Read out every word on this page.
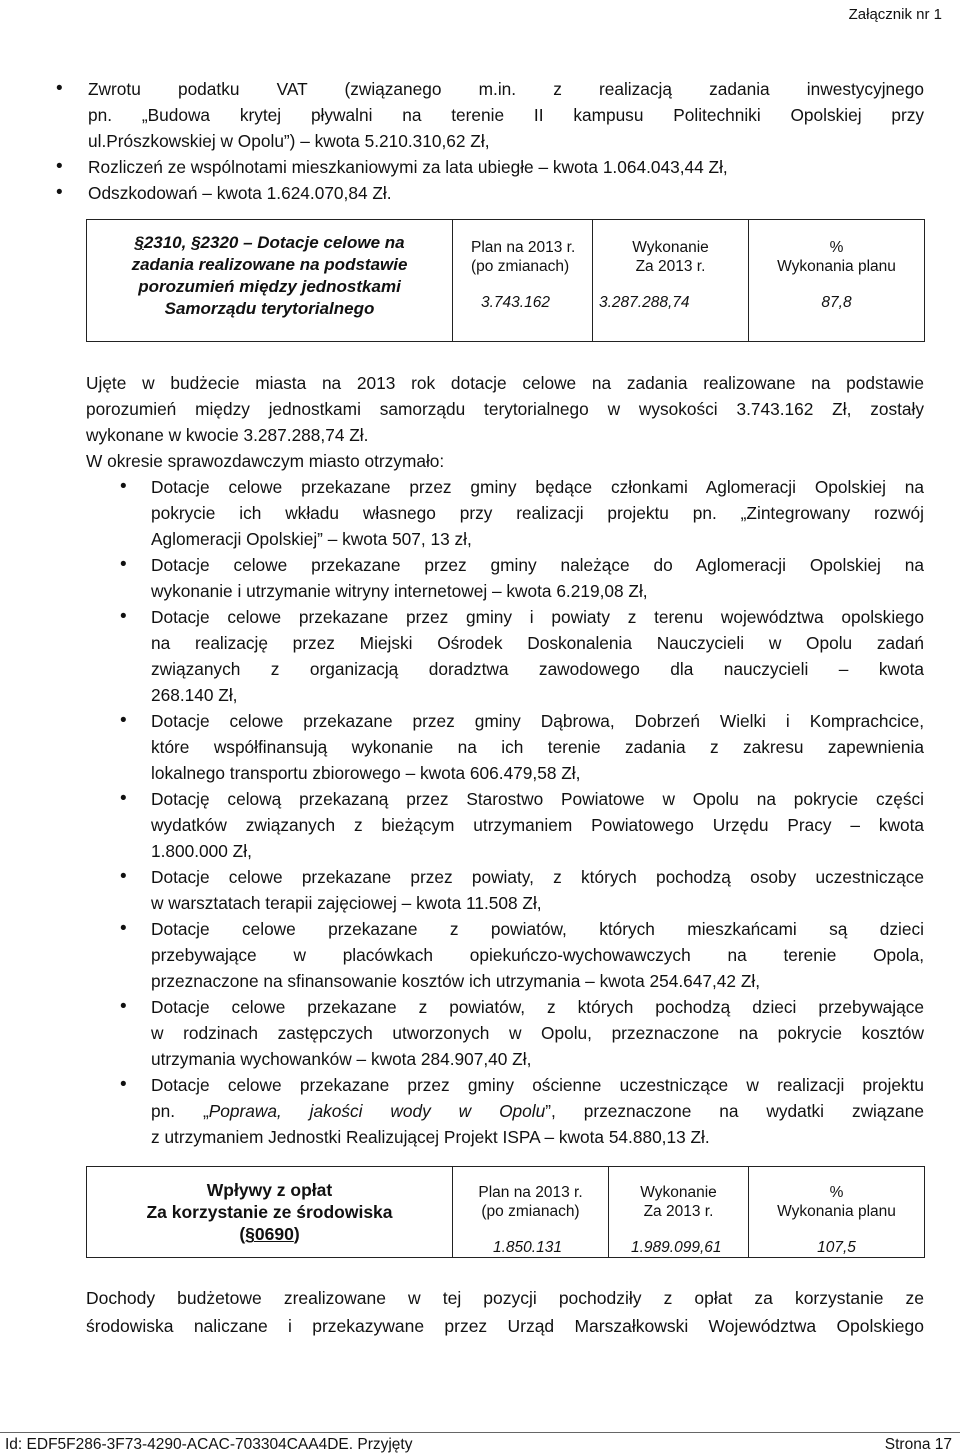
Załącznik nr 1
• Zwrotu podatku VAT (związanego m.in. z realizacją zadania inwestycyjnego
pn. „Budowa krytej pływalni na terenie II kampusu Politechniki Opolskiej przy
ul.Prószkowskiej w Opolu”) – kwota 5.210.310,62 Zł,
• Rozliczeń ze wspólnotami mieszkaniowymi za lata ubiegłe – kwota 1.064.043,44 Zł,
• Odszkodowań – kwota 1.624.070,84 Zł.
§2310, §2320 – Dotacje celowe na
zadania realizowane na podstawie
porozumień między jednostkami
Samorządu terytorialnego

Plan na 2013 r.
(po zmianach)
3.743.162

Wykonanie
Za 2013 r.
3.287.288,74

%
Wykonania planu
87,8
Ujęte w budżecie miasta na 2013 rok dotacje celowe na zadania realizowane na podstawie
porozumień między jednostkami samorządu terytorialnego w wysokości 3.743.162 Zł, zostały
wykonane w kwocie 3.287.288,74 Zł.
W okresie sprawozdawczym miasto otrzymało:
• Dotacje celowe przekazane przez gminy będące członkami Aglomeracji Opolskiej na
pokrycie ich wkładu własnego przy realizacji projektu pn. „Zintegrowany rozwój
Aglomeracji Opolskiej” – kwota 507, 13 zł,
• Dotacje celowe przekazane przez gminy należące do Aglomeracji Opolskiej na
wykonanie i utrzymanie witryny internetowej – kwota 6.219,08 Zł,
• Dotacje celowe przekazane przez gminy i powiaty z terenu województwa opolskiego
na realizację przez Miejski Ośrodek Doskonalenia Nauczycieli w Opolu zadań
związanych z organizacją doradztwa zawodowego dla nauczycieli – kwota
268.140 Zł,
• Dotacje celowe przekazane przez gminy Dąbrowa, Dobrzeń Wielki i Komprachcice,
które współfinansują wykonanie na ich terenie zadania z zakresu zapewnienia
lokalnego transportu zbiorowego – kwota 606.479,58 Zł,
• Dotację celową przekazaną przez Starostwo Powiatowe w Opolu na pokrycie części
wydatków związanych z bieżącym utrzymaniem Powiatowego Urzędu Pracy – kwota
1.800.000 Zł,
• Dotacje celowe przekazane przez powiaty, z których pochodzą osoby uczestniczące
w warsztatach terapii zajęciowej – kwota 11.508 Zł,
• Dotacje celowe przekazane z powiatów, których mieszkańcami są dzieci
przebywające w placówkach opiekuńczo-wychowawczych na terenie Opola,
przeznaczone na sfinansowanie kosztów ich utrzymania – kwota 254.647,42 Zł,
• Dotacje celowe przekazane z powiatów, z których pochodzą dzieci przebywające
w rodzinach zastępczych utworzonych w Opolu, przeznaczone na pokrycie kosztów
utrzymania wychowanków – kwota 284.907,40 Zł,
• Dotacje celowe przekazane przez gminy ościenne uczestniczące w realizacji projektu
pn. „Poprawa, jakości wody w Opolu”, przeznaczone na wydatki związane
z utrzymaniem Jednostki Realizującej Projekt ISPA – kwota 54.880,13 Zł.
Wpływy z opłat
Za korzystanie ze środowiska
(§0690)

Plan na 2013 r.
(po zmianach)
1.850.131

Wykonanie
Za 2013 r.
1.989.099,61

%
Wykonania planu
107,5
Dochody budżetowe zrealizowane w tej pozycji pochodziły z opłat za korzystanie ze
środowiska naliczane i przekazywane przez Urząd Marszałkowski Województwa Opolskiego
Id: EDF5F286-3F73-4290-ACAC-703304CAA4DE. Przyjęty	Strona 17
